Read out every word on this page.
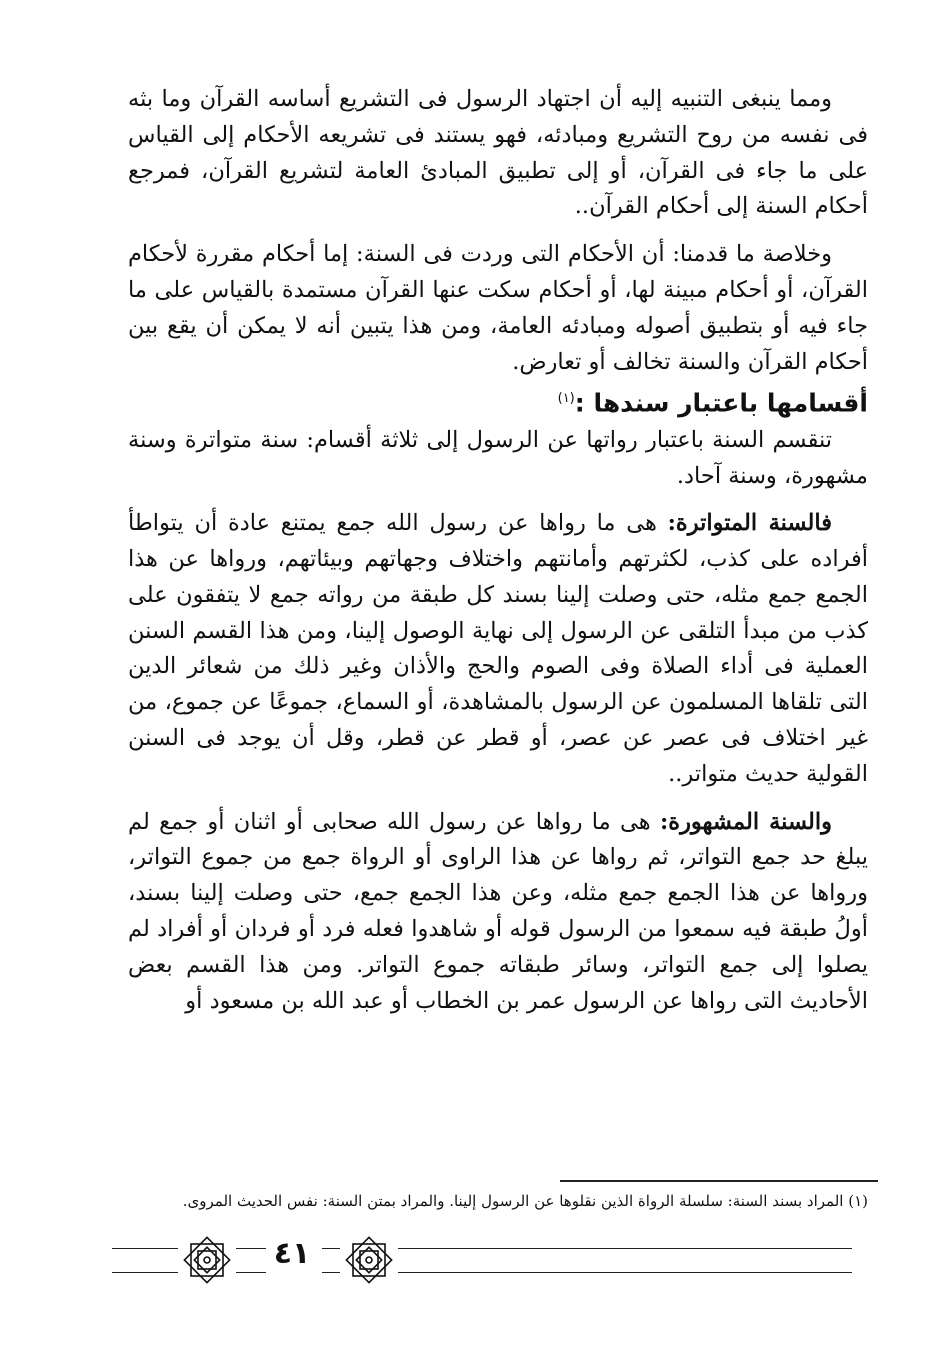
ومما ينبغى التنبيه إليه أن اجتهاد الرسول فى التشريع أساسه القرآن وما بثه فى نفسه من روح التشريع ومبادئه، فهو يستند فى تشريعه الأحكام إلى القياس على ما جاء فى القرآن، أو إلى تطبيق المبادئ العامة لتشريع القرآن، فمرجع أحكام السنة إلى أحكام القرآن..

وخلاصة ما قدمنا: أن الأحكام التى وردت فى السنة: إما أحكام مقررة لأحكام القرآن، أو أحكام مبينة لها، أو أحكام سكت عنها القرآن مستمدة بالقياس على ما جاء فيه أو بتطبيق أصوله ومبادئه العامة، ومن هذا يتبين أنه لا يمكن أن يقع بين أحكام القرآن والسنة تخالف أو تعارض.

أقسامها باعتبار سندها :$^{(١)}$

تنقسم السنة باعتبار رواتها عن الرسول إلى ثلاثة أقسام: سنة متواترة وسنة مشهورة، وسنة آحاد.

فالسنة المتواترة: هى ما رواها عن رسول الله جمع يمتنع عادة أن يتواطأ أفراده على كذب، لكثرتهم وأمانتهم واختلاف وجهاتهم وبيئاتهم، ورواها عن هذا الجمع جمع مثله، حتى وصلت إلينا بسند كل طبقة من رواته جمع لا يتفقون على كذب من مبدأ التلقى عن الرسول إلى نهاية الوصول إلينا، ومن هذا القسم السنن العملية فى أداء الصلاة وفى الصوم والحج والأذان وغير ذلك من شعائر الدين التى تلقاها المسلمون عن الرسول بالمشاهدة، أو السماع، جموعًا عن جموع، من غير اختلاف فى عصر عن عصر، أو قطر عن قطر، وقل أن يوجد فى السنن القولية حديث متواتر..

والسنة المشهورة: هى ما رواها عن رسول الله صحابى أو اثنان أو جمع لم يبلغ حد جمع التواتر، ثم رواها عن هذا الراوى أو الرواة جمع من جموع التواتر، ورواها عن هذا الجمع جمع مثله، وعن هذا الجمع جمع، حتى وصلت إلينا بسند، أولُ طبقة فيه سمعوا من الرسول قوله أو شاهدوا فعله فرد أو فردان أو أفراد لم يصلوا إلى جمع التواتر، وسائر طبقاته جموع التواتر. ومن هذا القسم بعض الأحاديث التى رواها عن الرسول عمر بن الخطاب أو عبد الله بن مسعود أو

(١) المراد بسند السنة: سلسلة الرواة الذين نقلوها عن الرسول إلينا. والمراد بمتن السنة: نفس الحديث المروى.
٤١
